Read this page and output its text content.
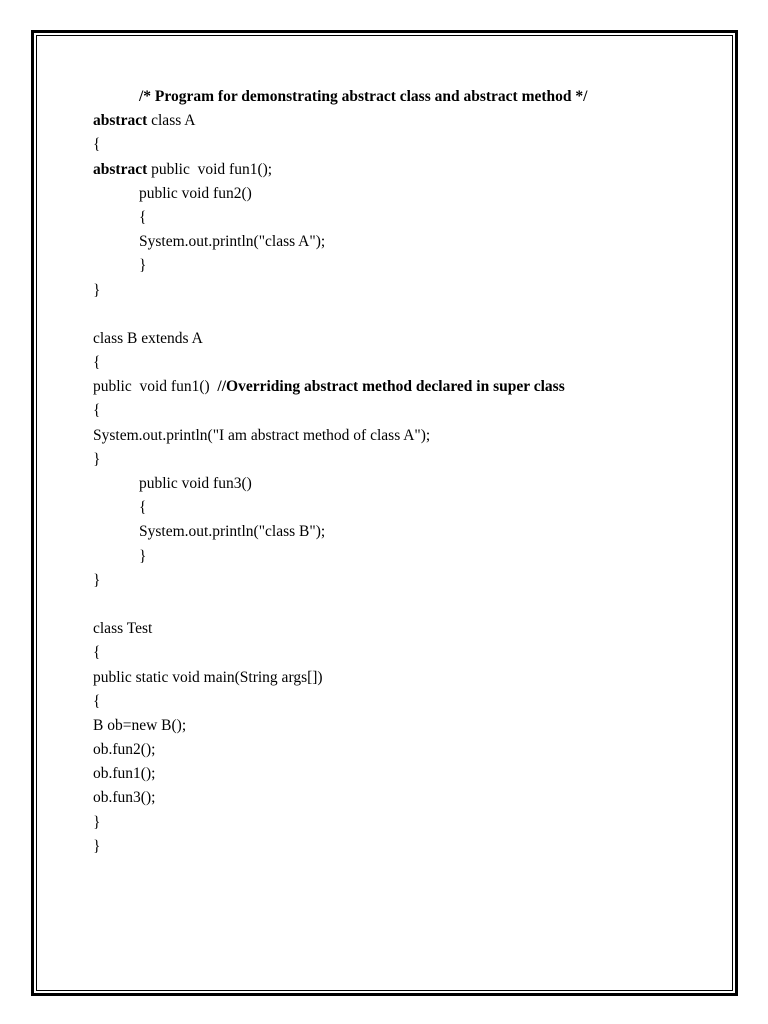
/* Program for demonstrating abstract class and abstract method */
abstract class A
{
abstract public  void fun1();
public void fun2()
{
System.out.println("class A");
}
}
class B extends A
{
public  void fun1()  //Overriding abstract method declared in super class
{
System.out.println("I am abstract method of class A");
}
public void fun3()
{
System.out.println("class B");
}
}
class Test
{
public static void main(String args[])
{
B ob=new B();
ob.fun2();
ob.fun1();
ob.fun3();
}
}
